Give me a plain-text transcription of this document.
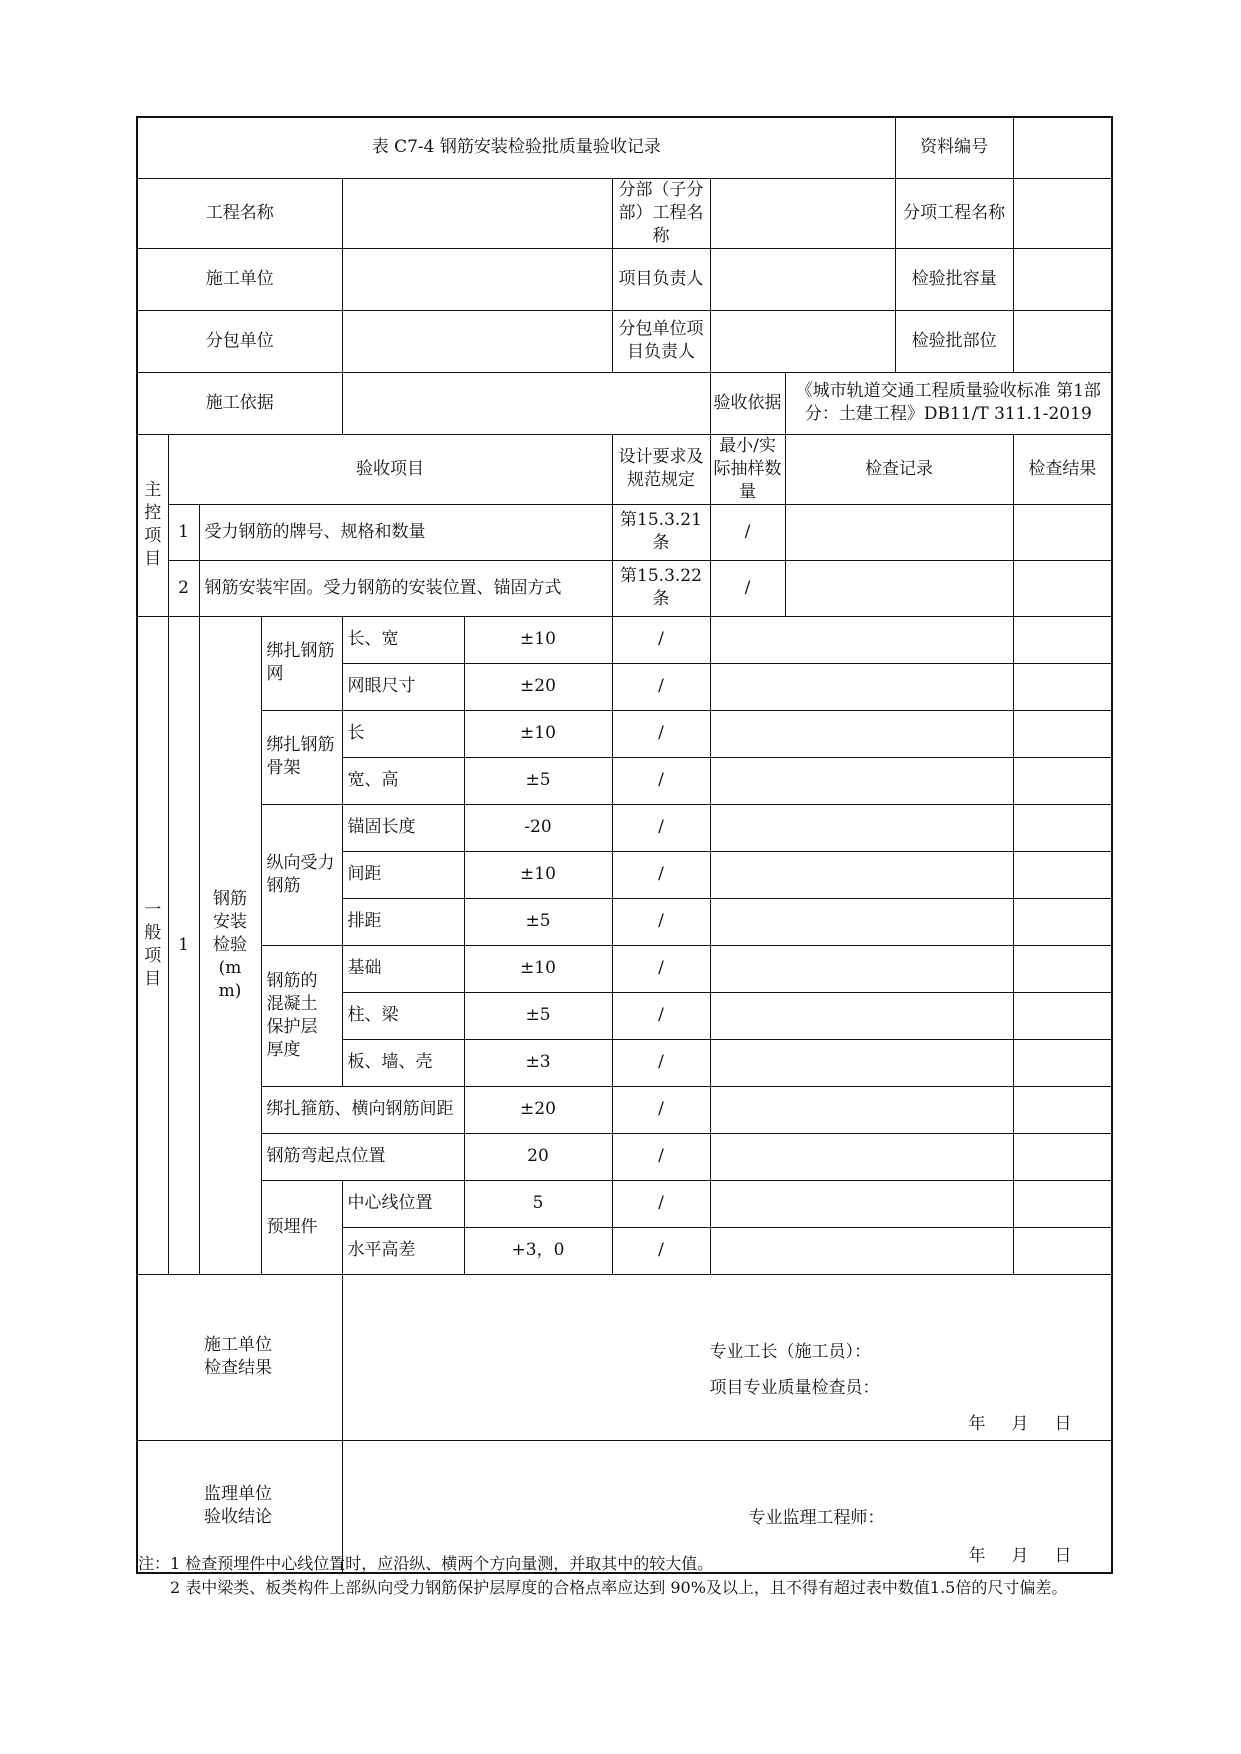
表 C7-4 钢筋安装检验批质量验收记录									资料编号	
工程名称						分部（子分部）工程名称			分项工程名称	
施工单位						项目负责人			检验批容量	
分包单位						分包单位项目负责人			检验批部位	
施工依据							验收依据	《城市轨道交通工程质量验收标准 第1部分：土建工程》DB11/T 311.1-2019		

主控项目	验收项目					设计要求及规范规定	最小/实际抽样数量	检查记录		检查结果
	1	受力钢筋的牌号、规格和数量				第15.3.21条	/			
	2	钢筋安装牢固。受力钢筋的安装位置、锚固方式				第15.3.22条	/			

一般项目	1	钢筋安装检验(mm)	绑扎钢筋网	长、宽	±10	/				
				网眼尺寸	±20	/				

			绑扎钢筋骨架	长	±10	/				
				宽、高	±5	/				

			纵向受力钢筋	锚固长度	-20	/				
				间距	±10	/				
				排距	±5	/				

			钢筋的混凝土保护层厚度	基础	±10	/				
				柱、梁	±5	/				
				板、墙、壳	±3	/				
			绑扎箍筋、横向钢筋间距		±20	/				
			钢筋弯起点位置		20	/				
			预埋件	中心线位置	5	/				
				水平高差	+3，0	/				

施工单位检查结果				专业工长（施工员）：
项目专业质量检查员：
年 月 日						

监理单位验收结论				专业监理工程师：
年 月 日						
注：1 检查预埋件中心线位置时，应沿纵、横两个方向量测，并取其中的较大值。
　　2 表中梁类、板类构件上部纵向受力钢筋保护层厚度的合格点率应达到 90%及以上，且不得有超过表中数值1.5倍的尺寸偏差。
